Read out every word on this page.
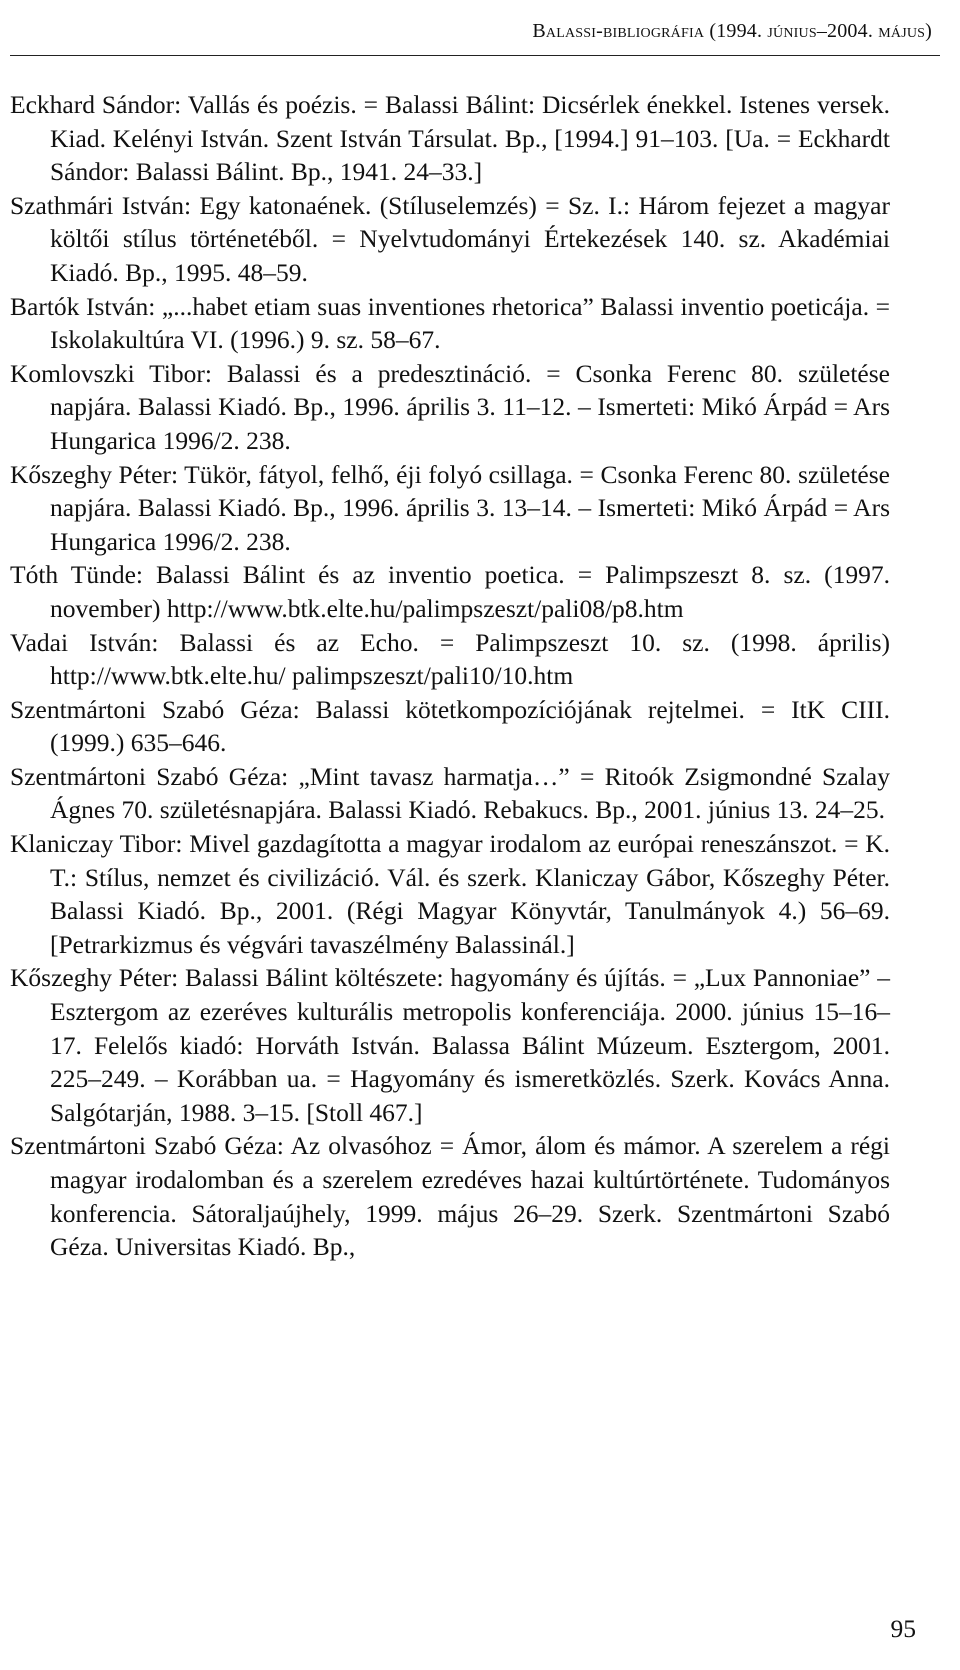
Balassi-bibliográfia (1994. június–2004. május)
Eckhard Sándor: Vallás és poézis. = Balassi Bálint: Dicsérlek énekkel. Istenes versek. Kiad. Kelényi István. Szent István Társulat. Bp., [1994.] 91–103. [Ua. = Eckhardt Sándor: Balassi Bálint. Bp., 1941. 24–33.]
Szathmári István: Egy katonaének. (Stíluselemzés) = Sz. I.: Három fejezet a magyar költői stílus történetéből. = Nyelvtudományi Értekezések 140. sz. Akadémiai Kiadó. Bp., 1995. 48–59.
Bartók István: „...habet etiam suas inventiones rhetorica” Balassi inventio poeticája. = Iskolakultúra VI. (1996.) 9. sz. 58–67.
Komlovszki Tibor: Balassi és a predesztináció. = Csonka Ferenc 80. születése napjára. Balassi Kiadó. Bp., 1996. április 3. 11–12. – Ismerteti: Mikó Árpád = Ars Hungarica 1996/2. 238.
Kőszeghy Péter: Tükör, fátyol, felhő, éji folyó csillaga. = Csonka Ferenc 80. születése napjára. Balassi Kiadó. Bp., 1996. április 3. 13–14. – Ismerteti: Mikó Árpád = Ars Hungarica 1996/2. 238.
Tóth Tünde: Balassi Bálint és az inventio poetica. = Palimpszeszt 8. sz. (1997. november) http://www.btk.elte.hu/palimpszeszt/pali08/p8.htm
Vadai István: Balassi és az Echo. = Palimpszeszt 10. sz. (1998. április) http://www.btk.elte.hu/ palimpszeszt/pali10/10.htm
Szentmártoni Szabó Géza: Balassi kötetkompozíciójának rejtelmei. = ItK CIII. (1999.) 635–646.
Szentmártoni Szabó Géza: „Mint tavasz harmatja…” = Ritoók Zsigmondné Szalay Ágnes 70. születésnapjára. Balassi Kiadó. Rebakucs. Bp., 2001. június 13. 24–25.
Klaniczay Tibor: Mivel gazdagította a magyar irodalom az európai reneszánszot. = K. T.: Stílus, nemzet és civilizáció. Vál. és szerk. Klaniczay Gábor, Kőszeghy Péter. Balassi Kiadó. Bp., 2001. (Régi Magyar Könyvtár, Tanulmányok 4.) 56–69. [Petrarkizmus és végvári tavaszélmény Balassinál.]
Kőszeghy Péter: Balassi Bálint költészete: hagyomány és újítás. = „Lux Pannoniae” – Esztergom az ezeréves kulturális metropolis konferenciája. 2000. június 15–16–17. Felelős kiadó: Horváth István. Balassa Bálint Múzeum. Esztergom, 2001. 225–249. – Korábban ua. = Hagyomány és ismeretközlés. Szerk. Kovács Anna. Salgótarján, 1988. 3–15. [Stoll 467.]
Szentmártoni Szabó Géza: Az olvasóhoz = Ámor, álom és mámor. A szerelem a régi magyar irodalomban és a szerelem ezredéves hazai kultúrtörténete. Tudományos konferencia. Sátoraljaújhely, 1999. május 26–29. Szerk. Szentmártoni Szabó Géza. Universitas Kiadó. Bp.,
95
